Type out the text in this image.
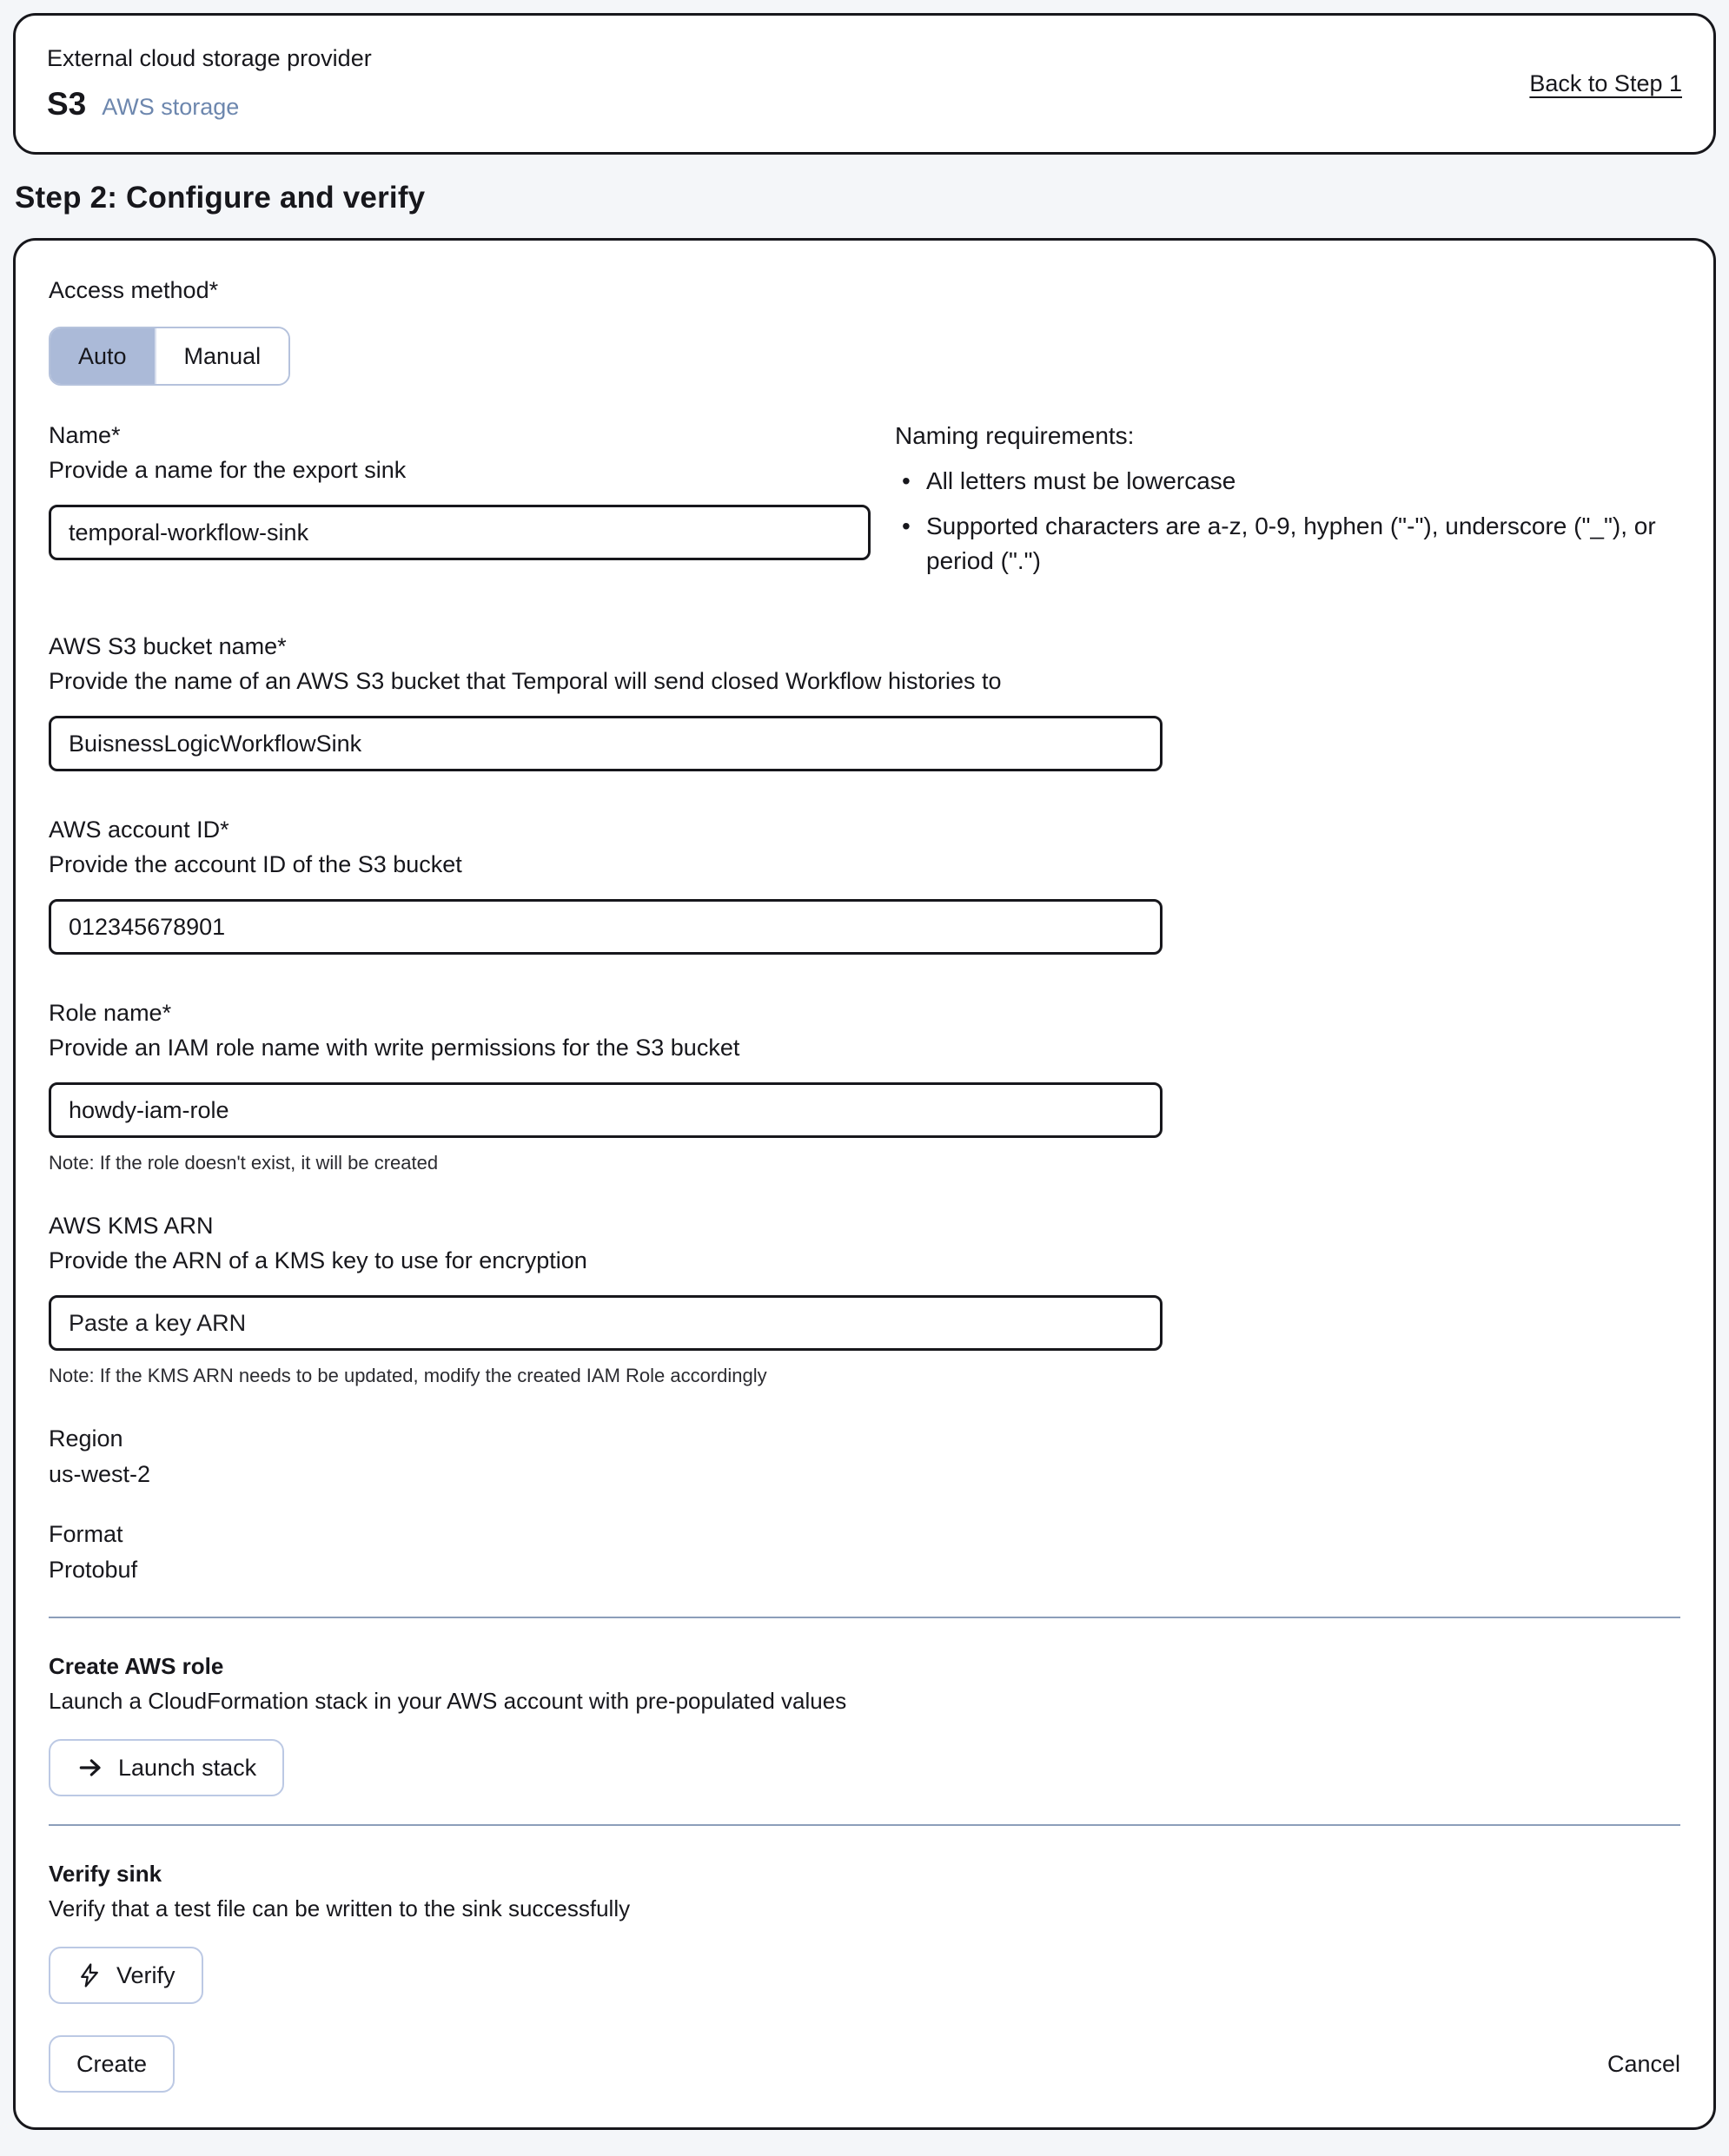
External cloud storage provider
S3 AWS storage
Back to Step 1
Step 2: Configure and verify
Access method*
Auto	Manual
Name*
Provide a name for the export sink
temporal-workflow-sink
Naming requirements:
• All letters must be lowercase
• Supported characters are a-z, 0-9, hyphen ("-"), underscore ("_"), or period (".")
AWS S3 bucket name*
Provide the name of an AWS S3 bucket that Temporal will send closed Workflow histories to
BuisnessLogicWorkflowSink
AWS account ID*
Provide the account ID of the S3 bucket
012345678901
Role name*
Provide an IAM role name with write permissions for the S3 bucket
howdy-iam-role
Note: If the role doesn't exist, it will be created
AWS KMS ARN
Provide the ARN of a KMS key to use for encryption
Paste a key ARN
Note: If the KMS ARN needs to be updated, modify the created IAM Role accordingly
Region
us-west-2
Format
Protobuf
Create AWS role
Launch a CloudFormation stack in your AWS account with pre-populated values
Launch stack
Verify sink
Verify that a test file can be written to the sink successfully
Verify
Create	Cancel
